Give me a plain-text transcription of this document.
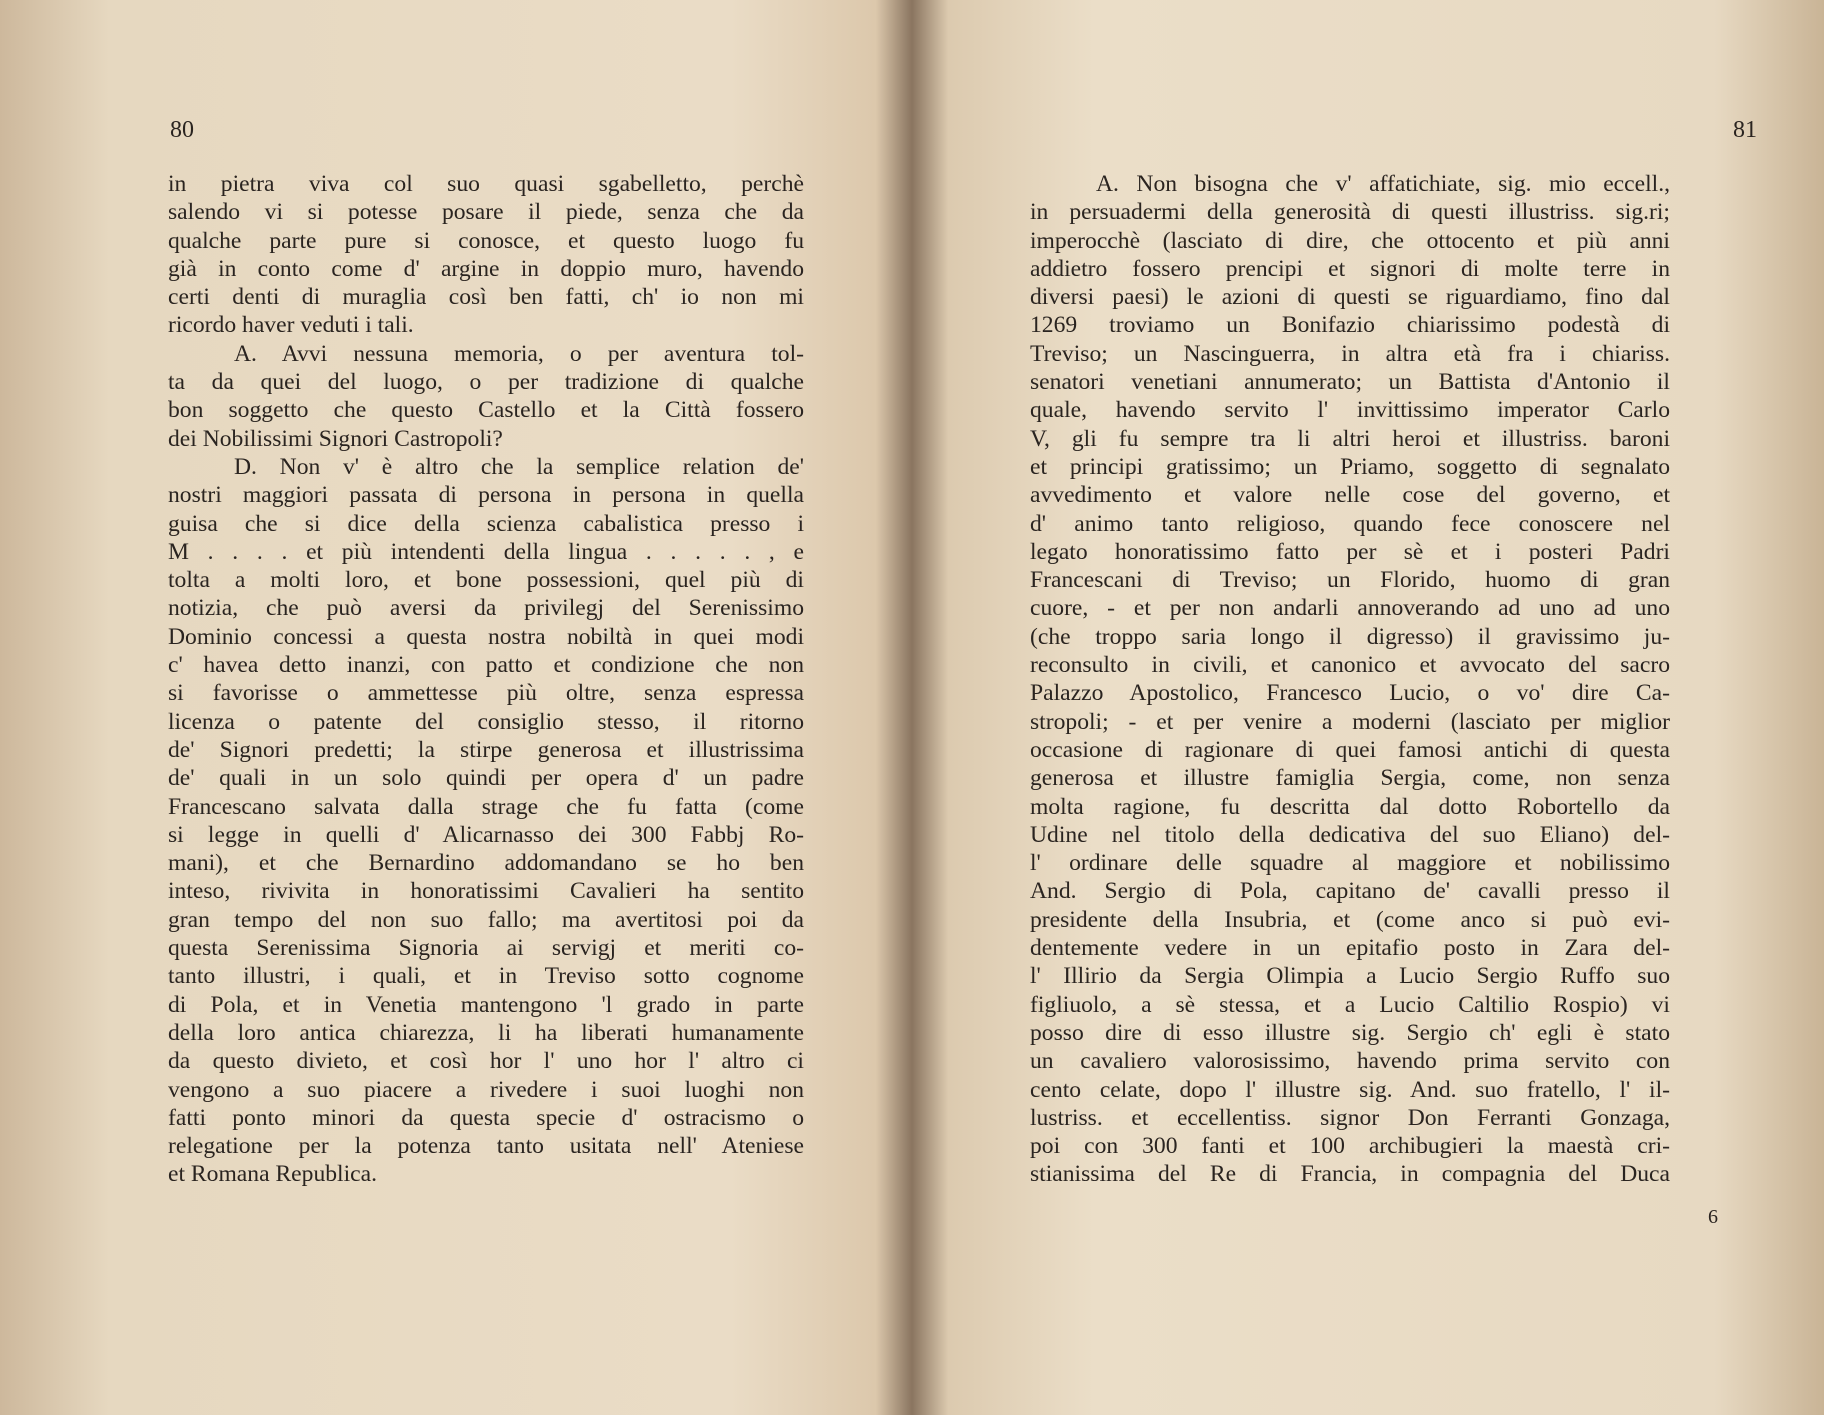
80
in pietra viva col suo quasi sgabelletto, perchè
salendo vi si potesse posare il piede, senza che da
qualche parte pure si conosce, et questo luogo fu
già in conto come d' argine in doppio muro, havendo
certi denti di muraglia così ben fatti, ch' io non mi
ricordo haver veduti i tali.
A. Avvi nessuna memoria, o per aventura tol-
ta da quei del luogo, o per tradizione di qualche
bon soggetto che questo Castello et la Città fossero
dei Nobilissimi Signori Castropoli?
D. Non v' è altro che la semplice relation de'
nostri maggiori passata di persona in persona in quella
guisa che si dice della scienza cabalistica presso i
M . . . . et più intendenti della lingua . . . . . , e
tolta a molti loro, et bone possessioni, quel più di
notizia, che può aversi da privilegj del Serenissimo
Dominio concessi a questa nostra nobiltà in quei modi
c' havea detto inanzi, con patto et condizione che non
si favorisse o ammettesse più oltre, senza espressa
licenza o patente del consiglio stesso, il ritorno
de' Signori predetti; la stirpe generosa et illustrissima
de' quali in un solo quindi per opera d' un padre
Francescano salvata dalla strage che fu fatta (come
si legge in quelli d' Alicarnasso dei 300 Fabbj Ro-
mani), et che Bernardino addomandano se ho ben
inteso, rivivita in honoratissimi Cavalieri ha sentito
gran tempo del non suo fallo; ma avertitosi poi da
questa Serenissima Signoria ai servigj et meriti co-
tanto illustri, i quali, et in Treviso sotto cognome
di Pola, et in Venetia mantengono 'l grado in parte
della loro antica chiarezza, li ha liberati humanamente
da questo divieto, et così hor l' uno hor l' altro ci
vengono a suo piacere a rivedere i suoi luoghi non
fatti ponto minori da questa specie d' ostracismo o
relegatione per la potenza tanto usitata nell' Ateniese
et Romana Republica.
81
A. Non bisogna che v' affatichiate, sig. mio eccell.,
in persuadermi della generosità di questi illustriss. sig.ri;
imperocchè (lasciato di dire, che ottocento et più anni
addietro fossero prencipi et signori di molte terre in
diversi paesi) le azioni di questi se riguardiamo, fino dal
1269 troviamo un Bonifazio chiarissimo podestà di
Treviso; un Nascinguerra, in altra età fra i chiariss.
senatori venetiani annumerato; un Battista d'Antonio il
quale, havendo servito l' invittissimo imperator Carlo
V, gli fu sempre tra li altri heroi et illustriss. baroni
et principi gratissimo; un Priamo, soggetto di segnalato
avvedimento et valore nelle cose del governo, et
d' animo tanto religioso, quando fece conoscere nel
legato honoratissimo fatto per sè et i posteri Padri
Francescani di Treviso; un Florido, huomo di gran
cuore, - et per non andarli annoverando ad uno ad uno
(che troppo saria longo il digresso) il gravissimo ju-
reconsulto in civili, et canonico et avvocato del sacro
Palazzo Apostolico, Francesco Lucio, o vo' dire Ca-
stropoli; - et per venire a moderni (lasciato per miglior
occasione di ragionare di quei famosi antichi di questa
generosa et illustre famiglia Sergia, come, non senza
molta ragione, fu descritta dal dotto Robortello da
Udine nel titolo della dedicativa del suo Eliano) del-
l' ordinare delle squadre al maggiore et nobilissimo
And. Sergio di Pola, capitano de' cavalli presso il
presidente della Insubria, et (come anco si può evi-
dentemente vedere in un epitafio posto in Zara del-
l' Illirio da Sergia Olimpia a Lucio Sergio Ruffo suo
figliuolo, a sè stessa, et a Lucio Caltilio Rospio) vi
posso dire di esso illustre sig. Sergio ch' egli è stato
un cavaliero valorosissimo, havendo prima servito con
cento celate, dopo l' illustre sig. And. suo fratello, l' il-
lustriss. et eccellentiss. signor Don Ferranti Gonzaga,
poi con 300 fanti et 100 archibugieri la maestà cri-
stianissima del Re di Francia, in compagnia del Duca
6
